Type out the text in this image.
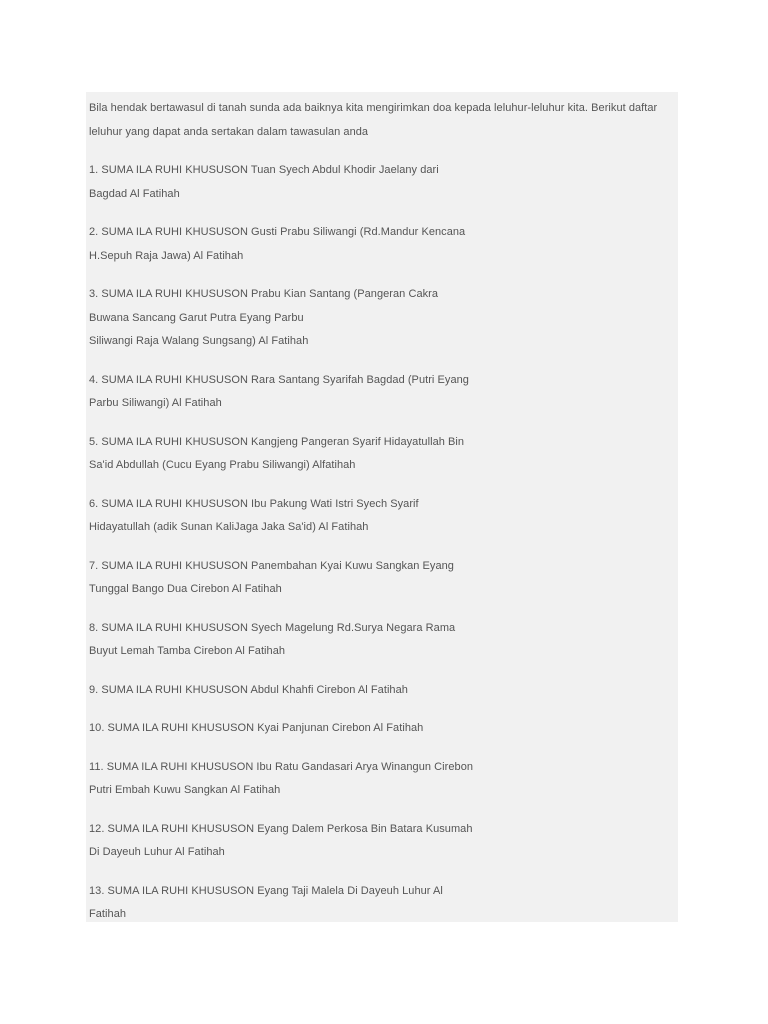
Bila hendak bertawasul di tanah sunda ada baiknya kita mengirimkan doa kepada leluhur-leluhur kita. Berikut daftar
leluhur yang dapat anda sertakan dalam tawasulan anda

1. SUMA ILA RUHI KHUSUSON Tuan Syech Abdul Khodir Jaelany dari
Bagdad Al Fatihah

2. SUMA ILA RUHI KHUSUSON Gusti Prabu Siliwangi (Rd.Mandur Kencana
H.Sepuh Raja Jawa) Al Fatihah

3. SUMA ILA RUHI KHUSUSON Prabu Kian Santang (Pangeran Cakra
Buwana Sancang Garut Putra Eyang Parbu
Siliwangi Raja Walang Sungsang) Al Fatihah

4. SUMA ILA RUHI KHUSUSON Rara Santang Syarifah Bagdad (Putri Eyang
Parbu Siliwangi) Al Fatihah

5. SUMA ILA RUHI KHUSUSON Kangjeng Pangeran Syarif Hidayatullah Bin
Sa'id Abdullah (Cucu Eyang Prabu Siliwangi) Alfatihah

6. SUMA ILA RUHI KHUSUSON Ibu Pakung Wati Istri Syech Syarif
Hidayatullah (adik Sunan KaliJaga Jaka Sa'id) Al Fatihah

7. SUMA ILA RUHI KHUSUSON Panembahan Kyai Kuwu Sangkan Eyang
Tunggal Bango Dua Cirebon Al Fatihah

8. SUMA ILA RUHI KHUSUSON Syech Magelung Rd.Surya Negara Rama
Buyut Lemah Tamba Cirebon Al Fatihah

9. SUMA ILA RUHI KHUSUSON Abdul Khahfi Cirebon Al Fatihah

10. SUMA ILA RUHI KHUSUSON Kyai Panjunan Cirebon Al Fatihah

11. SUMA ILA RUHI KHUSUSON Ibu Ratu Gandasari Arya Winangun Cirebon
Putri Embah Kuwu Sangkan Al Fatihah

12. SUMA ILA RUHI KHUSUSON Eyang Dalem Perkosa Bin Batara Kusumah
Di Dayeuh Luhur Al Fatihah

13. SUMA ILA RUHI KHUSUSON Eyang Taji Malela Di Dayeuh Luhur Al
Fatihah
